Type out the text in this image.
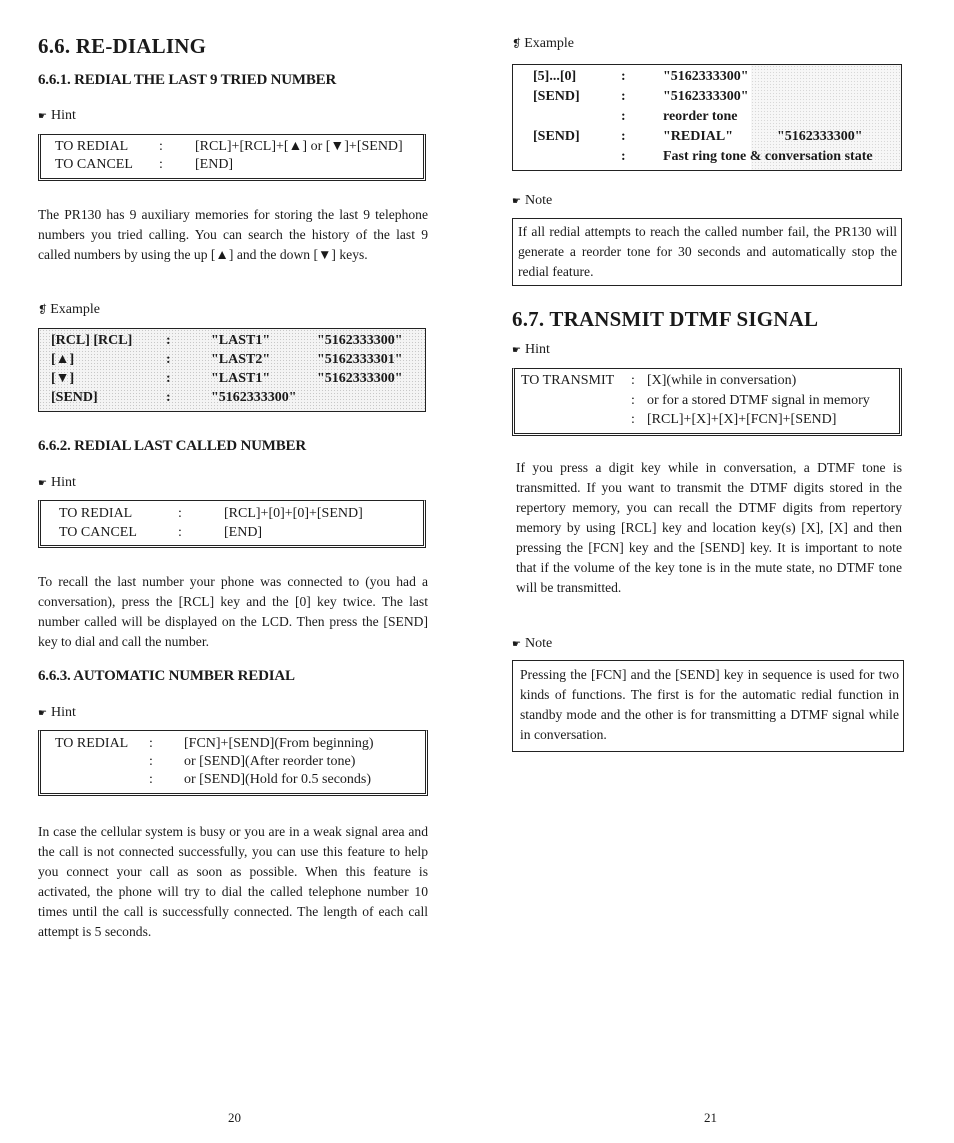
6.6. RE-DIALING
6.6.1. REDIAL THE LAST 9 TRIED NUMBER
☛ Hint
TO REDIAL : [RCL]+[RCL]+[▲] or [▼]+[SEND]
TO CANCEL : [END]

The PR130 has 9 auxiliary memories for storing the last 9 telephone numbers you tried calling. You can search the history of the last 9 called numbers by using the up [▲] and the down [▼] keys.

❡ Example
[RCL] [RCL] :	"LAST1"	"5162333300"
[▲]	:	"LAST2"	"5162333301"
[▼]	:	"LAST1"	"5162333300"
[SEND]	:	"5162333300"
6.6.2. REDIAL LAST CALLED NUMBER
☛ Hint
TO REDIAL	:	[RCL]+[0]+[0]+[SEND]
TO CANCEL	:	[END]

To recall the last number your phone was connected to (you had a conversation), press the [RCL] key and the [0] key twice. The last number called will be displayed on the LCD. Then press the [SEND] key to dial and call the number.

6.6.3. AUTOMATIC NUMBER REDIAL
☛ Hint
TO REDIAL : [FCN]+[SEND](From beginning)
: or [SEND](After reorder tone)
: or [SEND](Hold for 0.5 seconds)

In case the cellular system is busy or you are in a weak signal area and the call is not connected successfully, you can use this feature to help you connect your call as soon as possible. When this feature is activated, the phone will try to dial the called telephone number 10 times until the call is successfully connected. The length of each call attempt is 5 seconds.

20
❡ Example
[5]...[0]	:	"5162333300"
[SEND]	:	"5162333300"
:	reorder tone
[SEND]	:	"REDIAL"	"5162333300"
:	Fast ring tone & conversation state
☛ Note

If all redial attempts to reach the called number fail, the PR130 will generate a reorder tone for 30 seconds and automatically stop the redial feature.

6.7. TRANSMIT DTMF SIGNAL
☛ Hint
TO TRANSMIT : [X](while in conversation)
: or for a stored DTMF signal in memory
: [RCL]+[X]+[X]+[FCN]+[SEND]

If you press a digit key while in conversation, a DTMF tone is transmitted. If you want to transmit the DTMF digits stored in the repertory memory, you can recall the DTMF digits from repertory memory by using [RCL] key and location key(s) [X], [X] and then pressing the [FCN] key and the [SEND] key. It is important to note that if the volume of the key tone is in the mute state, no DTMF tone will be transmitted.

☛ Note

Pressing the [FCN] and the [SEND] key in sequence is used for two kinds of functions. The first is for the automatic redial function in standby mode and the other is for transmitting a DTMF signal while in conversation.

21
